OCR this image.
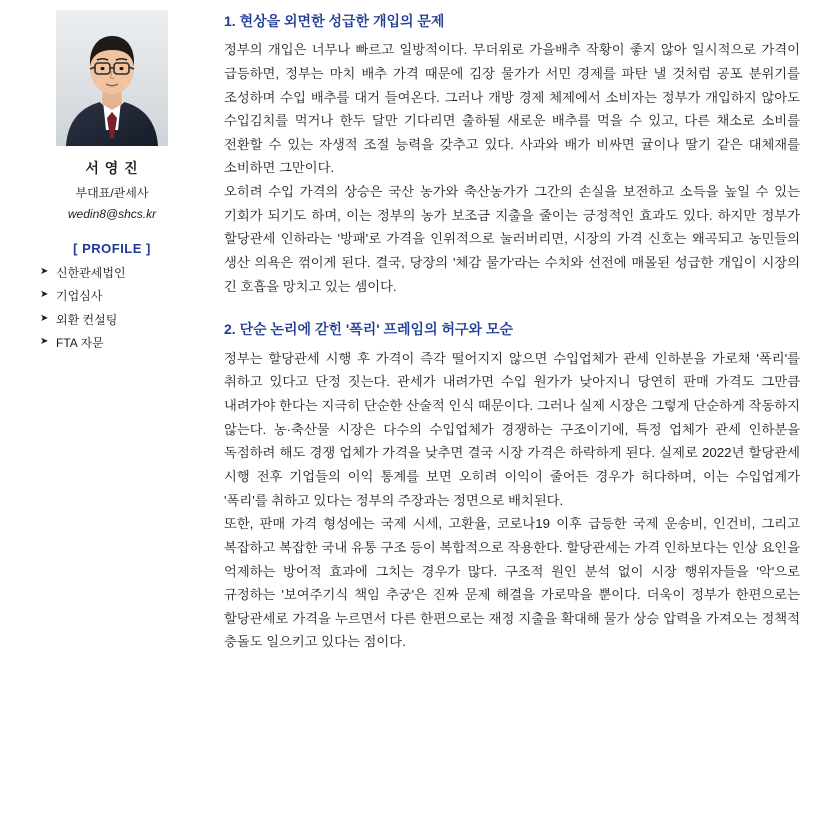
서 영 진
부대표/관세사
wedin8@shcs.kr
[ PROFILE ]
➤ 신한관세법인
➤ 기업심사
➤ 외환 컨설팅
➤ FTA 자문
1. 현상을 외면한 성급한 개입의 문제

정부의 개입은 너무나 빠르고 일방적이다. 무더위로 가을배추 작황이 좋지 않아 일시적으로 가격이 급등하면, 정부는 마치 배추 가격 때문에 김장 물가가 서민 경제를 파탄 낼 것처럼 공포 분위기를 조성하며 수입 배추를 대거 들여온다. 그러나 개방 경제 체제에서 소비자는 정부가 개입하지 않아도 수입김치를 먹거나 한두 달만 기다리면 출하될 새로운 배추를 먹을 수 있고, 다른 채소로 소비를 전환할 수 있는 자생적 조절 능력을 갖추고 있다. 사과와 배가 비싸면 귤이나 딸기 같은 대체재를 소비하면 그만이다.

오히려 수입 가격의 상승은 국산 농가와 축산농가가 그간의 손실을 보전하고 소득을 높일 수 있는 기회가 되기도 하며, 이는 정부의 농가 보조금 지출을 줄이는 긍정적인 효과도 있다. 하지만 정부가 할당관세 인하라는 '방패'로 가격을 인위적으로 눌러버리면, 시장의 가격 신호는 왜곡되고 농민들의 생산 의욕은 꺾이게 된다. 결국, 당장의 '체감 물가'라는 수치와 선전에 매몰된 성급한 개입이 시장의 긴 호흡을 망치고 있는 셈이다.

2. 단순 논리에 갇힌 '폭리' 프레임의 허구와 모순

정부는 할당관세 시행 후 가격이 즉각 떨어지지 않으면 수입업체가 관세 인하분을 가로채 '폭리'를 취하고 있다고 단정 짓는다. 관세가 내려가면 수입 원가가 낮아지니 당연히 판매 가격도 그만큼 내려가야 한다는 지극히 단순한 산술적 인식 때문이다. 그러나 실제 시장은 그렇게 단순하게 작동하지 않는다. 농·축산물 시장은 다수의 수입업체가 경쟁하는 구조이기에, 특정 업체가 관세 인하분을 독점하려 해도 경쟁 업체가 가격을 낮추면 결국 시장 가격은 하락하게 된다. 실제로 2022년 할당관세 시행 전후 기업들의 이익 통계를 보면 오히려 이익이 줄어든 경우가 허다하며, 이는 수입업계가 '폭리'를 취하고 있다는 정부의 주장과는 정면으로 배치된다.

또한, 판매 가격 형성에는 국제 시세, 고환율, 코로나19 이후 급등한 국제 운송비, 인건비, 그리고 복잡하고 복잡한 국내 유통 구조 등이 복합적으로 작용한다. 할당관세는 가격 인하보다는 인상 요인을 억제하는 방어적 효과에 그치는 경우가 많다. 구조적 원인 분석 없이 시장 행위자들을 '악'으로 규정하는 '보여주기식 책임 추궁'은 진짜 문제 해결을 가로막을 뿐이다. 더욱이 정부가 한편으로는 할당관세로 가격을 누르면서 다른 한편으로는 재정 지출을 확대해 물가 상승 압력을 가져오는 정책적 충돌도 일으키고 있다는 점이다.
